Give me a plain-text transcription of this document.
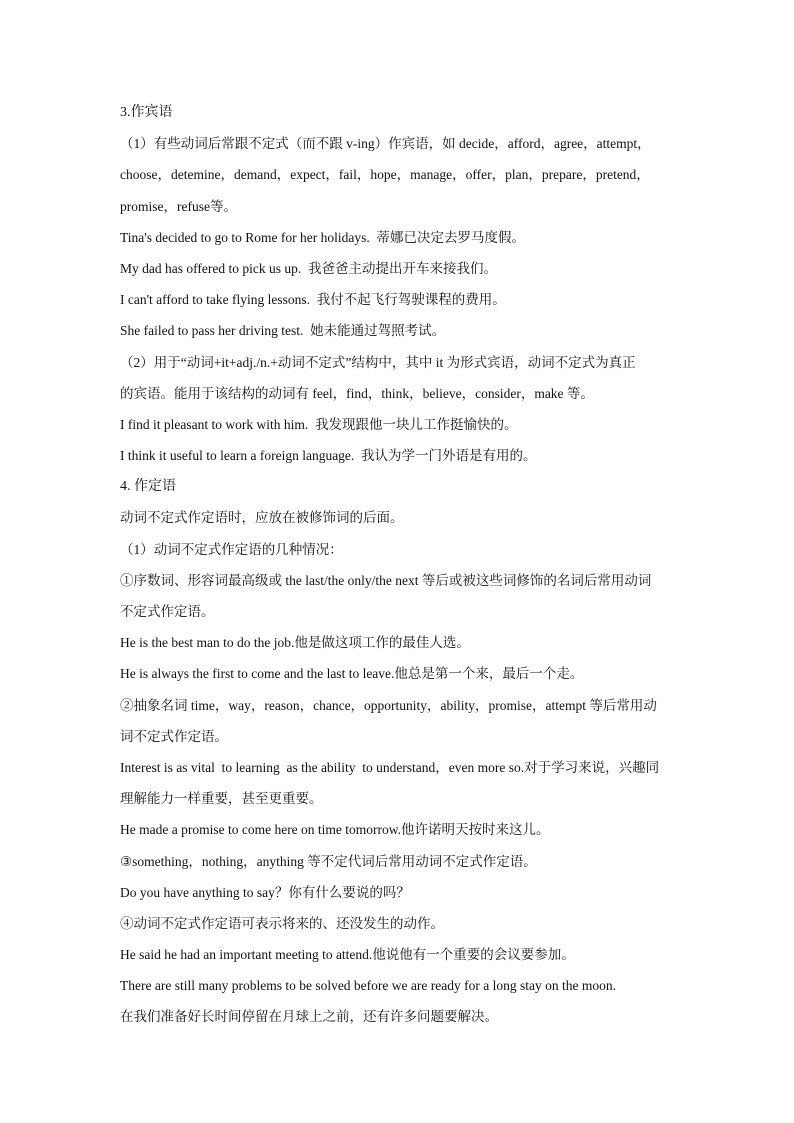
3.作宾语
（1）有些动词后常跟不定式（而不跟 v-ing）作宾语，如 decide，afford，agree，attempt，
choose，detemine，demand，expect，fail，hope，manage，offer，plan，prepare，pretend，
promise，refuse等。
Tina's decided to go to Rome for her holidays.  蒂娜已决定去罗马度假。
My dad has offered to pick us up.  我爸爸主动提出开车来接我们。
I can't afford to take flying lessons.  我付不起飞行驾驶课程的费用。
She failed to pass her driving test.  她未能通过驾照考试。
（2）用于“动词+it+adj./n.+动词不定式”结构中，其中 it 为形式宾语，动词不定式为真正
的宾语。能用于该结构的动词有 feel，find，think，believe，consider，make 等。
I find it pleasant to work with him.  我发现跟他一块儿工作挺愉快的。
I think it useful to learn a foreign language.  我认为学一门外语是有用的。
4. 作定语
动词不定式作定语时，应放在被修饰词的后面。
（1）动词不定式作定语的几种情况：
①序数词、形容词最高级或 the last/the only/the next 等后或被这些词修饰的名词后常用动词
不定式作定语。
He is the best man to do the job.他是做这项工作的最佳人选。
He is always the first to come and the last to leave.他总是第一个来，最后一个走。
②抽象名词 time，way，reason，chance，opportunity，ability，promise，attempt 等后常用动
词不定式作定语。
Interest is as vital  to learning  as the ability  to understand，even more so.对于学习来说，兴趣同
理解能力一样重要，甚至更重要。
He made a promise to come here on time tomorrow.他许诺明天按时来这儿。
③something，nothing，anything 等不定代词后常用动词不定式作定语。
Do you have anything to say？你有什么要说的吗？
④动词不定式作定语可表示将来的、还没发生的动作。
He said he had an important meeting to attend.他说他有一个重要的会议要参加。
There are still many problems to be solved before we are ready for a long stay on the moon.
在我们准备好长时间停留在月球上之前，还有许多问题要解决。
